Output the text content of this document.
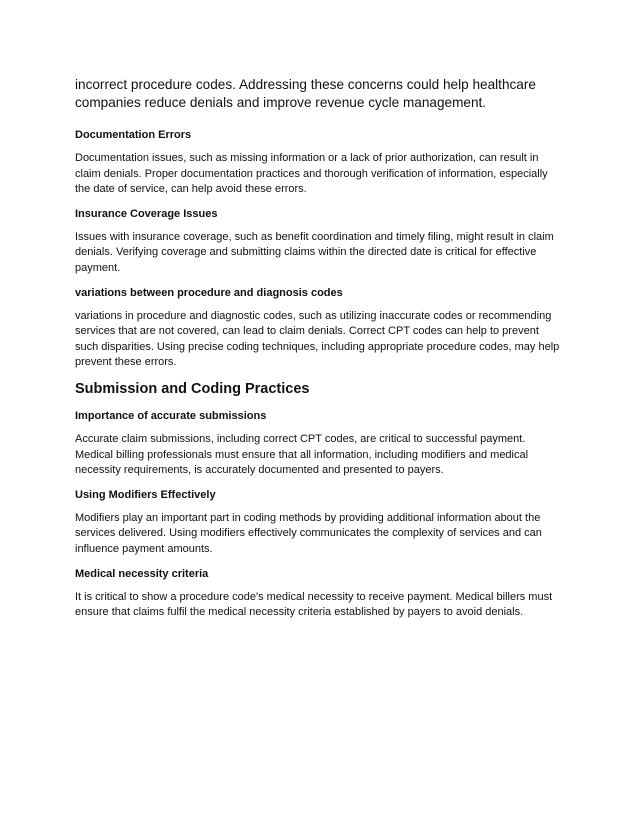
incorrect procedure codes. Addressing these concerns could help healthcare companies reduce denials and improve revenue cycle management.

Documentation Errors

Documentation issues, such as missing information or a lack of prior authorization, can result in claim denials. Proper documentation practices and thorough verification of information, especially the date of service, can help avoid these errors.

Insurance Coverage Issues

Issues with insurance coverage, such as benefit coordination and timely filing, might result in claim denials. Verifying coverage and submitting claims within the directed date is critical for effective payment.

variations between procedure and diagnosis codes

variations in procedure and diagnostic codes, such as utilizing inaccurate codes or recommending services that are not covered, can lead to claim denials. Correct CPT codes can help to prevent such disparities. Using precise coding techniques, including appropriate procedure codes, may help prevent these errors.

Submission and Coding Practices
Importance of accurate submissions

Accurate claim submissions, including correct CPT codes, are critical to successful payment. Medical billing professionals must ensure that all information, including modifiers and medical necessity requirements, is accurately documented and presented to payers.

Using Modifiers Effectively

Modifiers play an important part in coding methods by providing additional information about the services delivered. Using modifiers effectively communicates the complexity of services and can influence payment amounts.

Medical necessity criteria

It is critical to show a procedure code's medical necessity to receive payment. Medical billers must ensure that claims fulfil the medical necessity criteria established by payers to avoid denials.
